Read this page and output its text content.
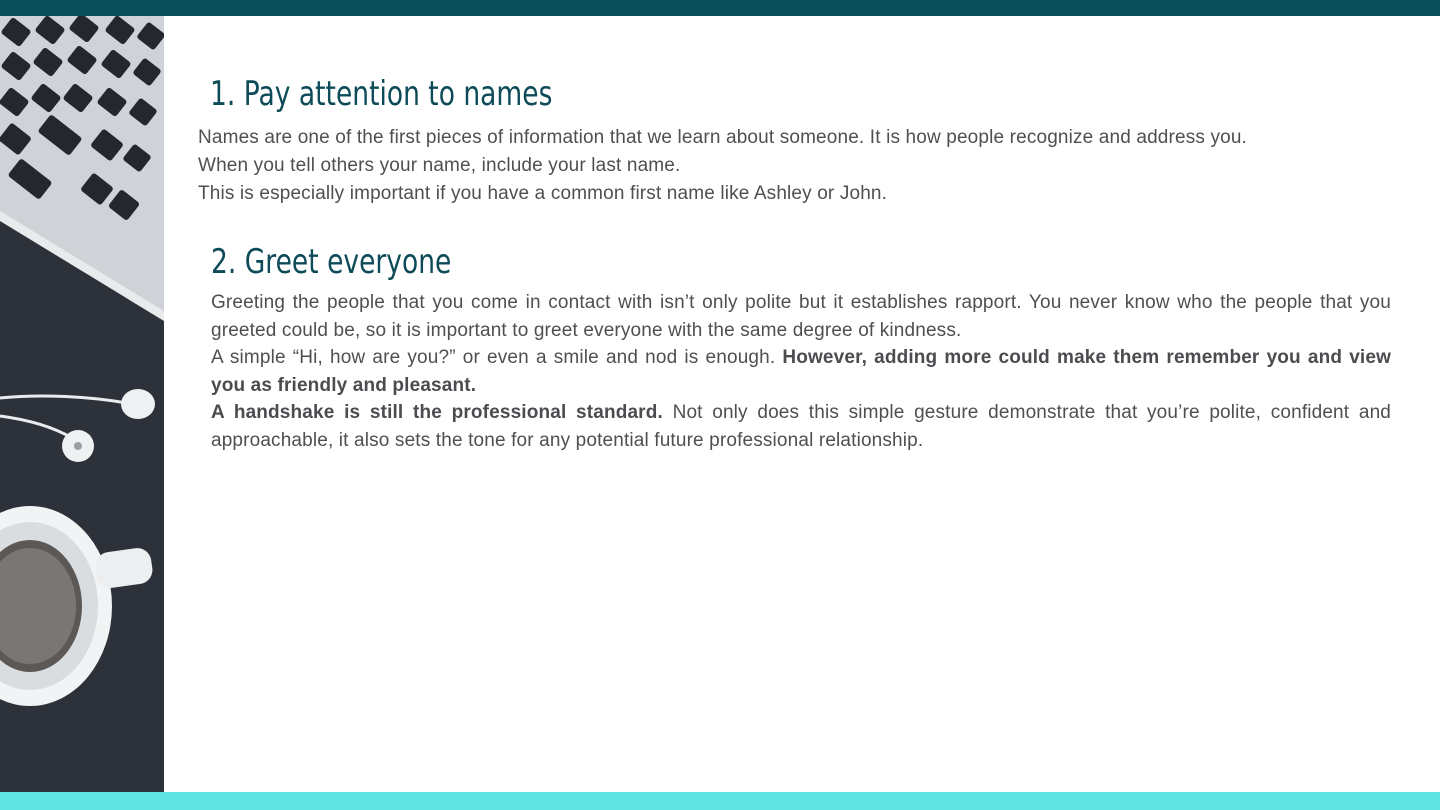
1. Pay attention to names

Names are one of the first pieces of information that we learn about someone. It is how people recognize and address you.

When you tell others your name, include your last name.

This is especially important if you have a common first name like Ashley or John.

2. Greet everyone

Greeting the people that you come in contact with isn’t only polite but it establishes rapport. You never know who the people that you greeted could be, so it is important to greet everyone with the same degree of kindness.

A simple “Hi, how are you?” or even a smile and nod is enough. However, adding more could make them remember you and view you as friendly and pleasant.

A handshake is still the professional standard. Not only does this simple gesture demonstrate that you’re polite, confident and approachable, it also sets the tone for any potential future professional relationship.
